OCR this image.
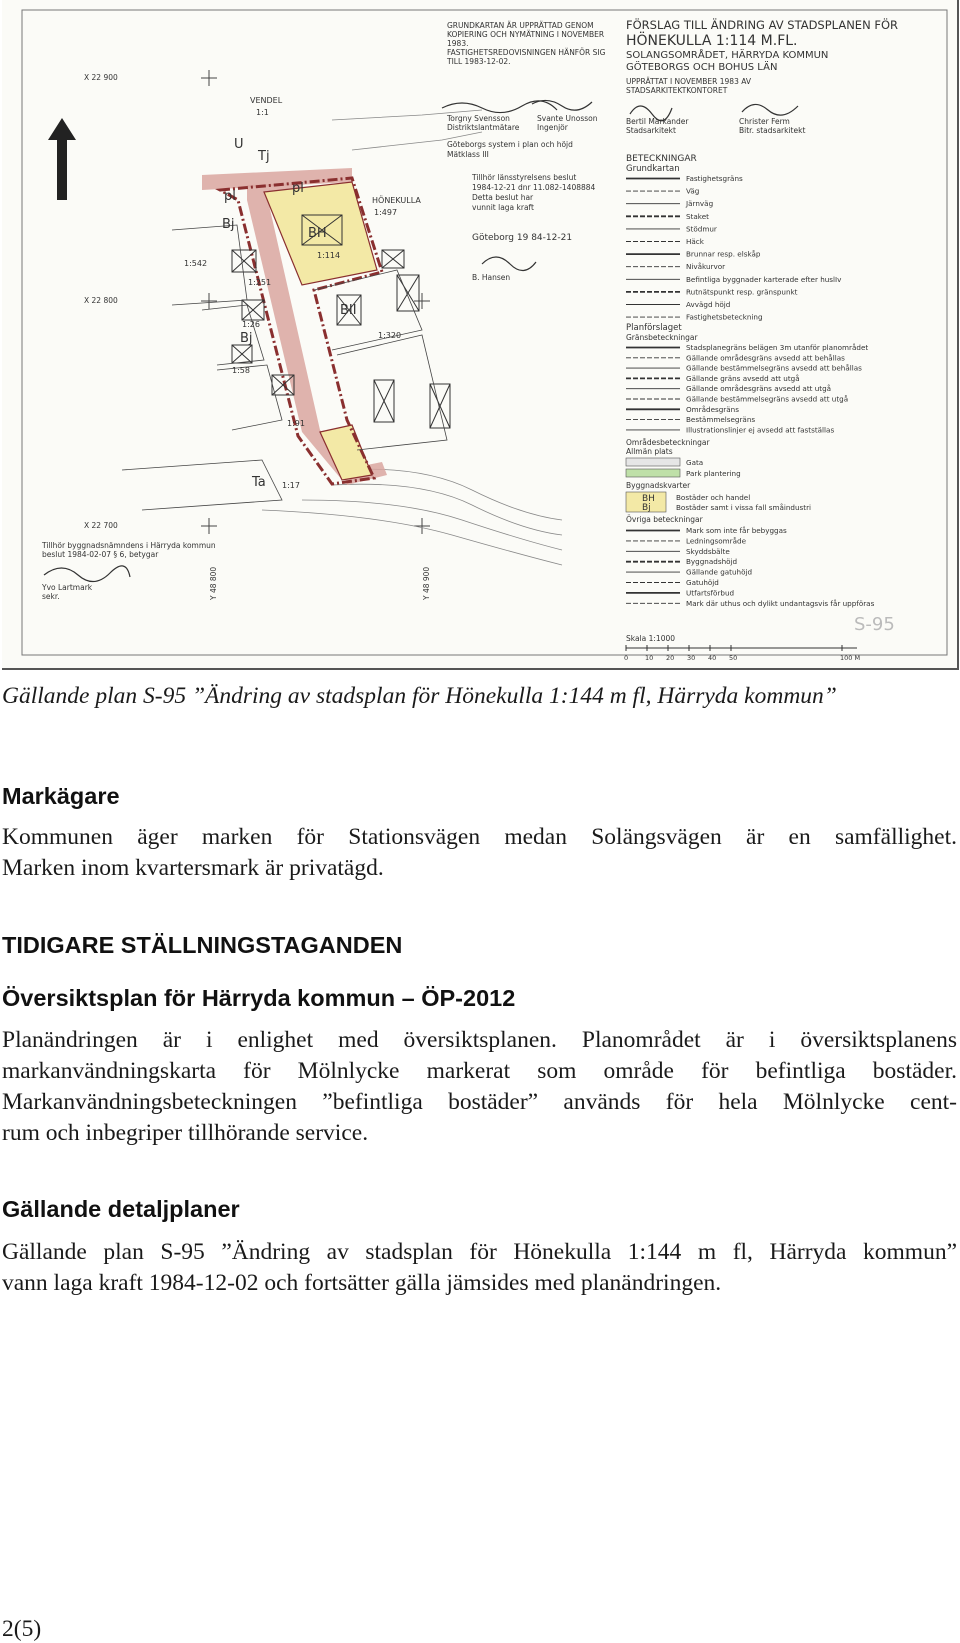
X 22 900
X 22 800
X 22 700
Y 48 800	Y 48 900
VENDEL
1:1
HÖNEKULLA
1:497
1:542
1:251
1:26
1:58
1:320
1:91
1:17
1:114
Bj
Bj
BH
BII
Ta
Tj
U
pl
pl
S-95
GRUNDKARTAN ÄR UPPRÄTTAD GENOM
KOPIERING OCH NYMÄTNING I NOVEMBER
1983.
FASTIGHETSREDOVISNINGEN HÄNFÖR SIG
TILL 1983-12-02.
FÖRSLAG TILL ÄNDRING AV STADSPLANEN FÖR
HÖNEKULLA 1:114 M.FL.
SOLANGSOMRÅDET, HÄRRYDA KOMMUN
GÖTEBORGS OCH BOHUS LÄN
UPPRÄTTAT I NOVEMBER 1983 AV
STADSARKITEKTKONTORET
Torgny Svensson
Distriktslantmätare
Svante Unosson
Ingenjör
Bertil Markander
Stadsarkitekt
Christer Ferm
Bitr. stadsarkitekt
Göteborgs system i plan och höjd
Mätklass III
Tillhör länsstyrelsens beslut
1984-12-21 dnr 11.082-1408884
Detta beslut har
vunnit laga kraft
Göteborg 19 84-12-21
B. Hansen
Tillhör byggnadsnämndens i Härryda kommun
beslut 1984-02-07 § 6, betygar
Yvo Lartmark
sekr.
BETECKNINGAR
Grundkartan
Fastighetsgräns
Väg
Järnväg
Staket
Stödmur
Häck
Brunnar resp. elskåp
Nivåkurvor
Befintliga byggnader karterade efter huslIv
Rutnätspunkt resp. gränspunkt
Avvägd höjd
Fastighetsbeteckning
Planförslaget
Gränsbeteckningar
Stadsplanegräns belägen 3m utanför planområdet
Gällande områdesgräns avsedd att behållas
Gällande bestämmelsegräns avsedd att behållas
Gällande gräns avsedd att utgå
Gällande områdesgräns avsedd att utgå
Gällande bestämmelsegräns avsedd att utgå
Områdesgräns
Bestämmelsegräns
Illustrationslinjer ej avsedd att fastställas
Områdesbeteckningar
Allmän plats
Gata
Park plantering
Byggnadskvarter
BH
Bj
Bostäder och handel
Bostäder samt i vissa fall småindustri
Övriga beteckningar
Mark som inte får bebyggas
Ledningsområde
Skyddsbälte
Byggnadshöjd
Gällande gatuhöjd
Gatuhöjd
Utfartsförbud
Mark där uthus och dylikt undantagsvis får uppföras
Skala 1:1000
0	10 20 30 40 50	100 M

Gällande plan S-95 ”Ändring av stadsplan för Hönekulla 1:144 m fl, Härryda kommun”

Markägare

Kommunen äger marken för Stationsvägen medan Solängsvägen är en samfällighet.
Marken inom kvartersmark är privatägd.

TIDIGARE STÄLLNINGSTAGANDEN
Översiktsplan för Härryda kommun – ÖP-2012

Planändringen är i enlighet med översiktsplanen. Planområdet är i översiktsplanens
markanvändningskarta för Mölnlycke markerat som område för befintliga bostäder.
Markanvändningsbeteckningen ”befintliga bostäder” används för hela Mölnlycke cent-
rum och inbegriper tillhörande service.

Gällande detaljplaner

Gällande plan S-95 ”Ändring av stadsplan för Hönekulla 1:144 m fl, Härryda kommun”
vann laga kraft 1984-12-02 och fortsätter gälla jämsides med planändringen.

2(5)
